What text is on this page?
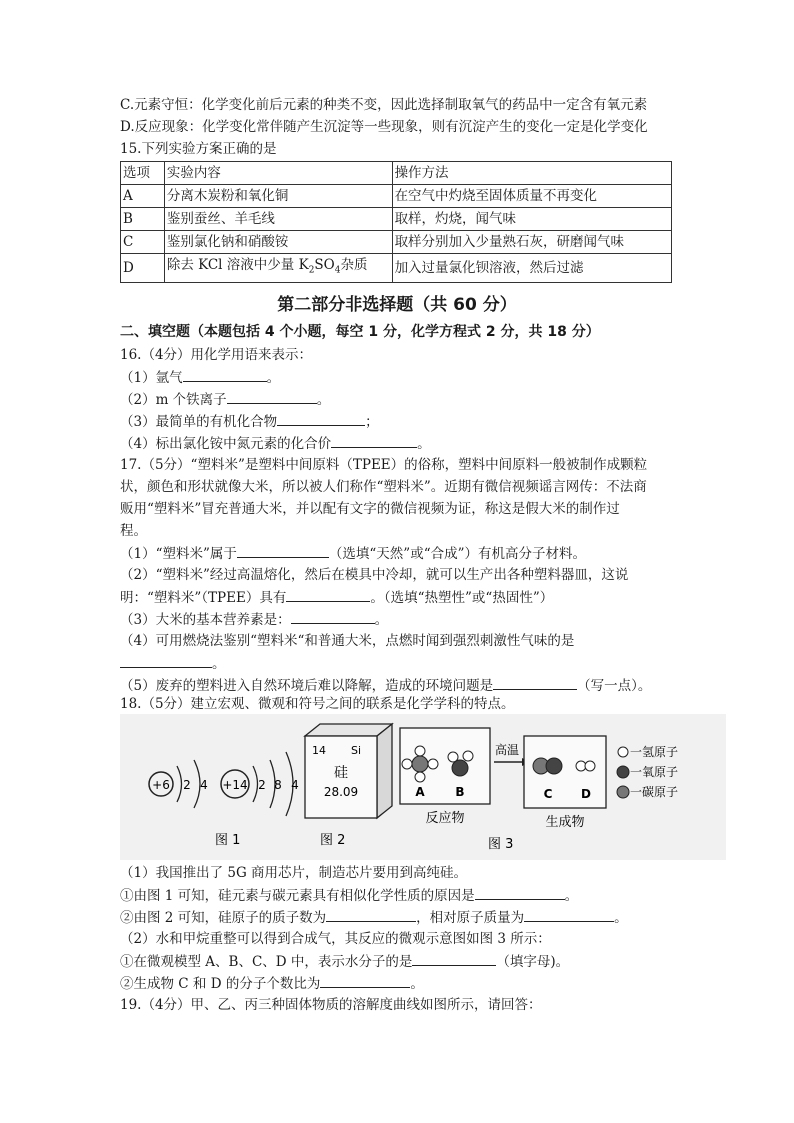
C.元素守恒：化学变化前后元素的种类不变，因此选择制取氧气的药品中一定含有氧元素
D.反应现象：化学变化常伴随产生沉淀等一些现象，则有沉淀产生的变化一定是化学变化
15.下列实验方案正确的是
选项	实验内容	操作方法
A	分离木炭粉和氧化铜	在空气中灼烧至固体质量不再变化
B	鉴别蚕丝、羊毛线	取样，灼烧，闻气味
C	鉴别氯化钠和硝酸铵	取样分别加入少量熟石灰，研磨闻气味
D	除去 KCl 溶液中少量 $K_2SO_4$杂质	加入过量氯化钡溶液，然后过滤
第二部分非选择题（共 60 分）
二、填空题（本题包括 4 个小题，每空 1 分，化学方程式 2 分，共 18 分）
16.（4分）用化学用语来表示：
（1）氩气	。
（2）m 个铁离子	。
（3）最简单的有机化合物	；
（4）标出氯化铵中氮元素的化合价	。
17.（5分）“塑料米”是塑料中间原料（TPEE）的俗称，塑料中间原料一般被制作成颗粒
状，颜色和形状就像大米，所以被人们称作“塑料米”。近期有微信视频谣言网传：不法商
贩用“塑料米”冒充普通大米，并以配有文字的微信视频为证，称这是假大米的制作过
程。
（1）“塑料米”属于	（选填“天然”或“合成”）有机高分子材料。
（2）“塑料米”经过高温熔化，然后在模具中冷却，就可以生产出各种塑料器皿，这说
明：“塑料米”（TPEE）具有	。（选填“热塑性”或“热固性”）
（3）大米的基本营养素是：	。
（4）可用燃烧法鉴别“塑料米“和普通大米，点燃时闻到强烈刺激性气味的是
。
（5）废弃的塑料进入自然环境后难以降解，造成的环境问题是	（写一点）。
18.（5分）建立宏观、微观和符号之间的联系是化学学科的特点。
+6 2 4 +14 2 8 4
图 1
14 Si
硅
28.09
图 2
A	B
反应物
高温
C D
生成物
图 3
一氢原子
一氧原子
一碳原子
（1）我国推出了 5G 商用芯片，制造芯片要用到高纯硅。
①由图 1 可知，硅元素与碳元素具有相似化学性质的原因是	。
②由图 2 可知，硅原子的质子数为	，相对原子质量为	。
（2）水和甲烷重整可以得到合成气，其反应的微观示意图如图 3 所示：
①在微观模型 A、B、C、D 中，表示水分子的是	（填字母)。
②生成物 C 和 D 的分子个数比为	。
19.（4分）甲、乙、丙三种固体物质的溶解度曲线如图所示，请回答：
